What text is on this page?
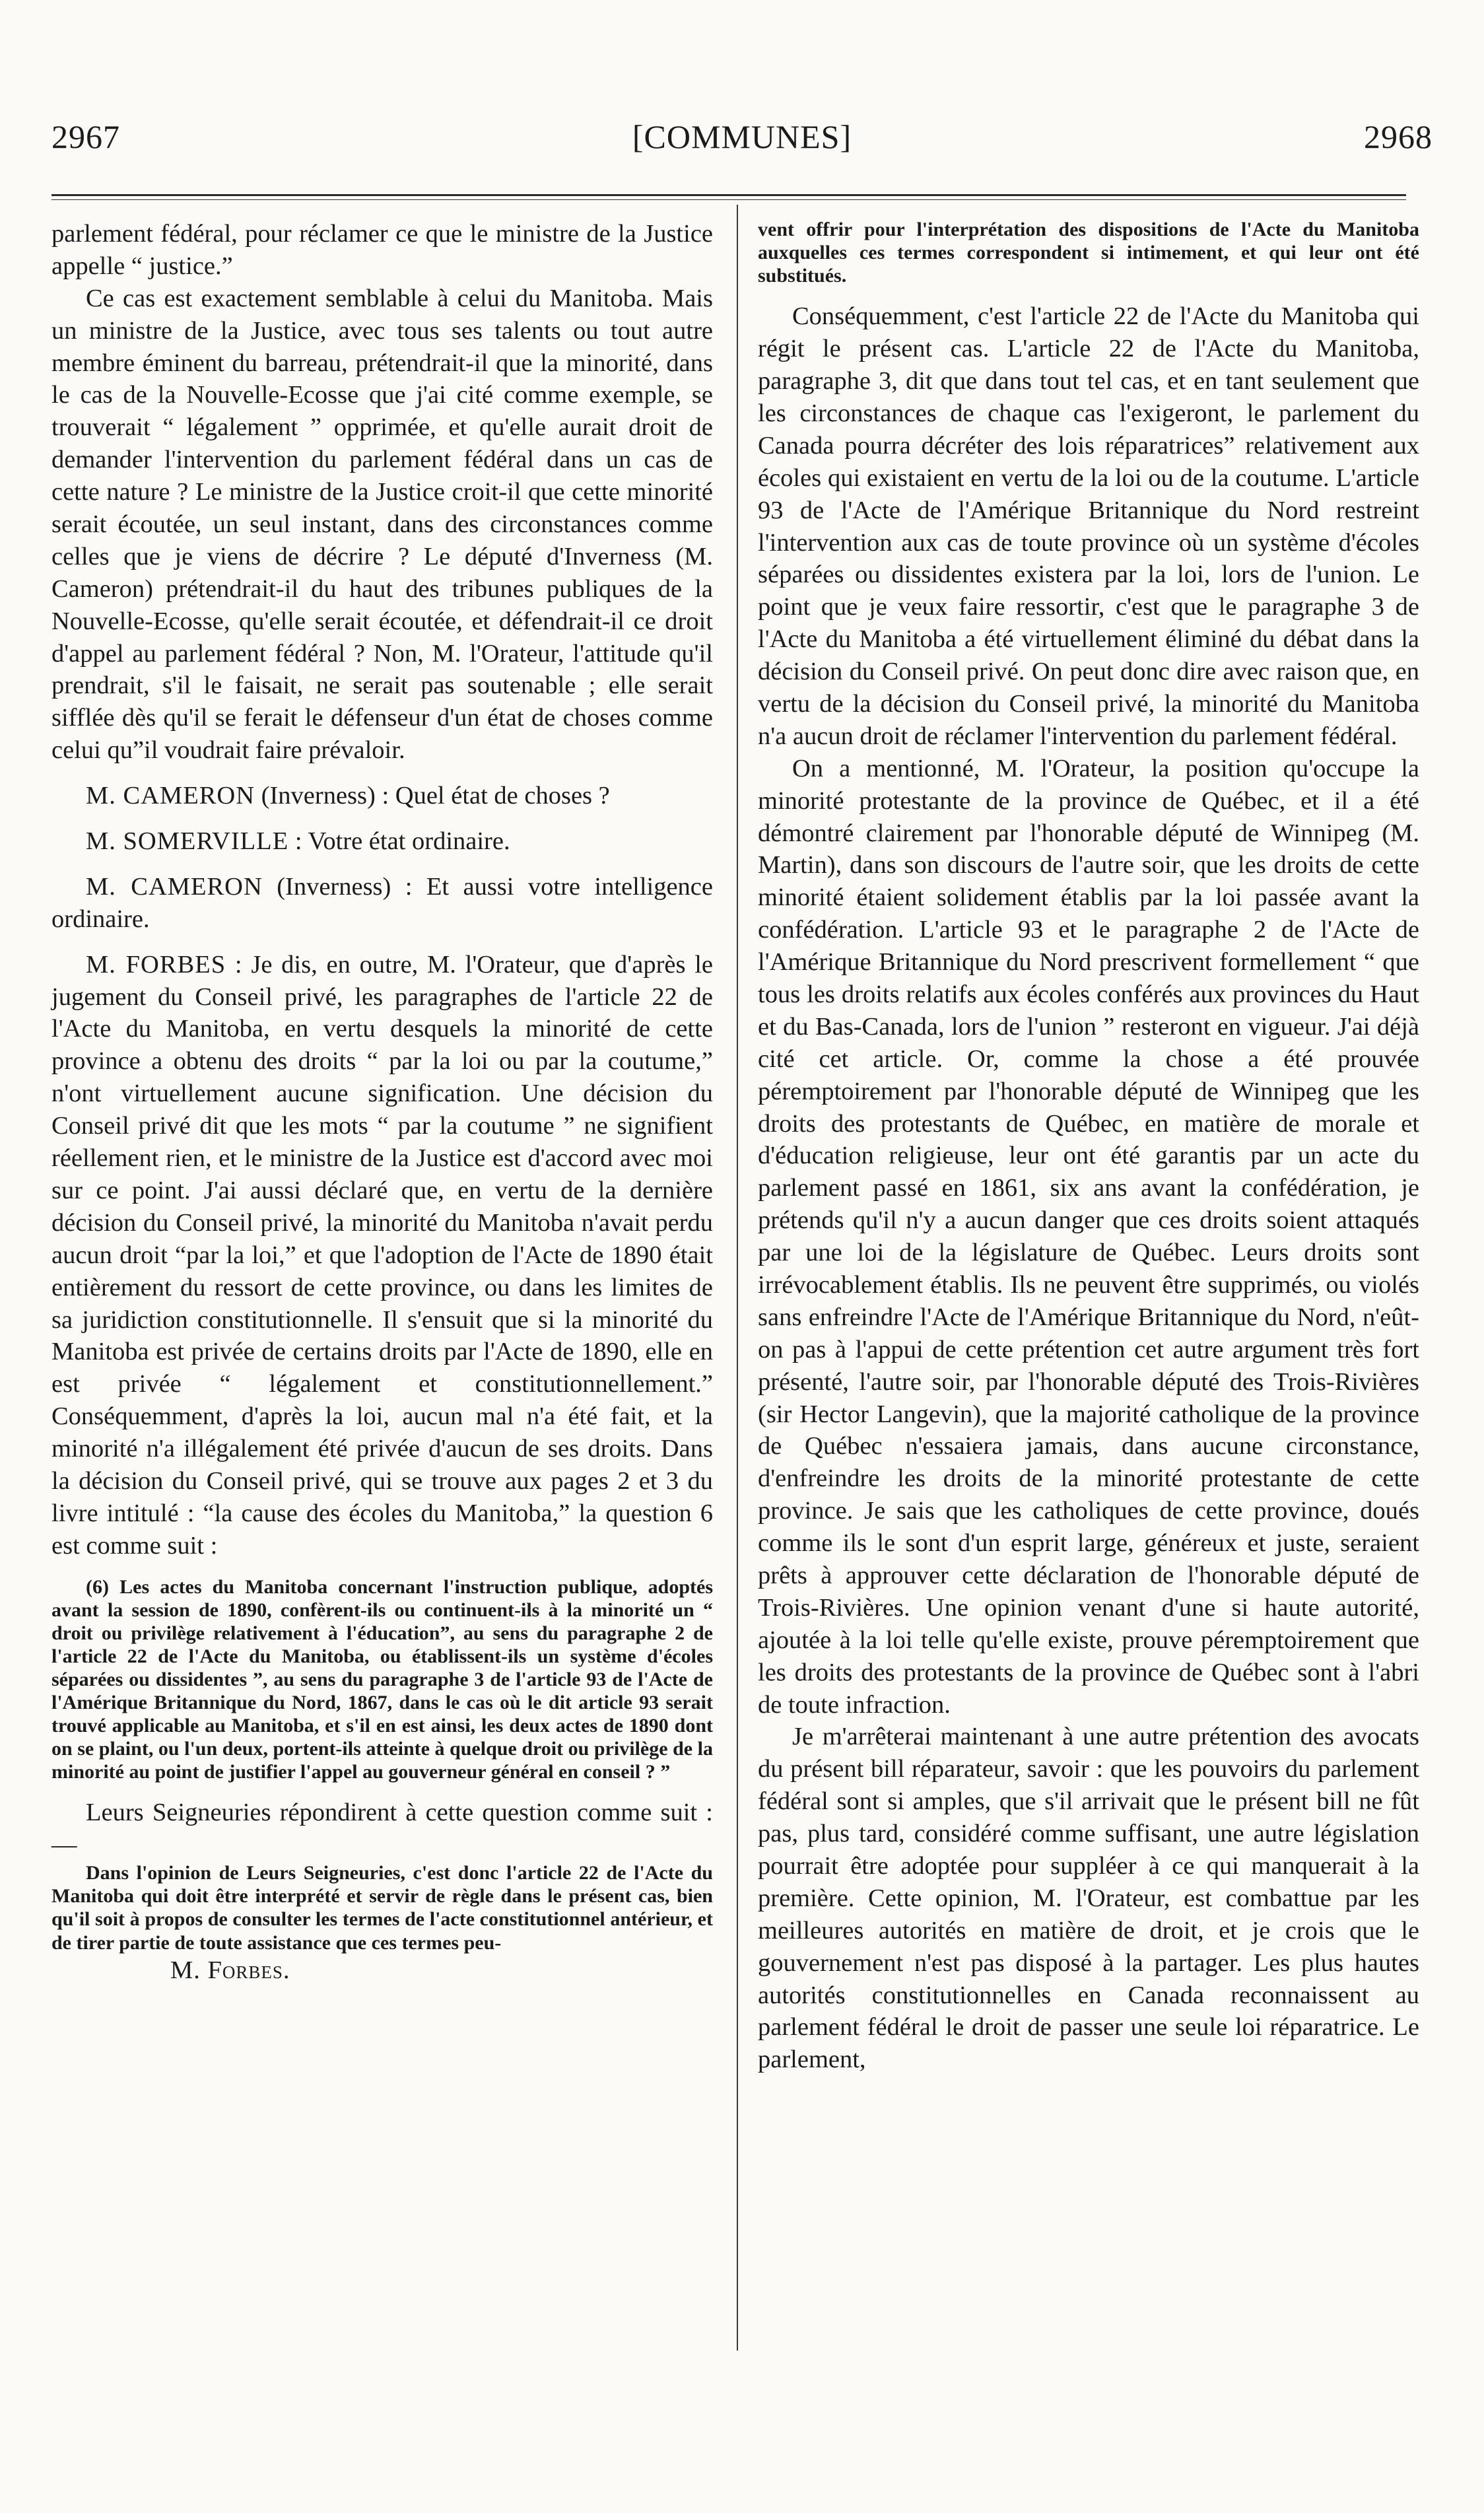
2967	[COMMUNES]	2968

parlement fédéral, pour réclamer ce que le ministre de la Justice appelle “ justice.”

Ce cas est exactement semblable à celui du Manitoba. Mais un ministre de la Justice, avec tous ses talents ou tout autre membre éminent du barreau, prétendrait-il que la minorité, dans le cas de la Nouvelle-Ecosse que j'ai cité comme exemple, se trouverait “ légalement ” opprimée, et qu'elle aurait droit de demander l'intervention du parlement fédéral dans un cas de cette nature ? Le ministre de la Justice croit-il que cette minorité serait écoutée, un seul instant, dans des circonstances comme celles que je viens de décrire ? Le député d'Inverness (M. Cameron) prétendrait-il du haut des tribunes publiques de la Nouvelle-Ecosse, qu'elle serait écoutée, et défendrait-il ce droit d'appel au parlement fédéral ? Non, M. l'Orateur, l'attitude qu'il prendrait, s'il le faisait, ne serait pas soutenable ; elle serait sifflée dès qu'il se ferait le défenseur d'un état de choses comme celui qu”il voudrait faire prévaloir.

M. CAMERON (Inverness) : Quel état de choses ?

M. SOMERVILLE : Votre état ordinaire.

M. CAMERON (Inverness) : Et aussi votre intelligence ordinaire.

M. FORBES : Je dis, en outre, M. l'Orateur, que d'après le jugement du Conseil privé, les paragraphes de l'article 22 de l'Acte du Manitoba, en vertu desquels la minorité de cette province a obtenu des droits “ par la loi ou par la coutume,” n'ont virtuellement aucune signification. Une décision du Conseil privé dit que les mots “ par la coutume ” ne signifient réellement rien, et le ministre de la Justice est d'accord avec moi sur ce point. J'ai aussi déclaré que, en vertu de la dernière décision du Conseil privé, la minorité du Manitoba n'avait perdu aucun droit “par la loi,” et que l'adoption de l'Acte de 1890 était entièrement du ressort de cette province, ou dans les limites de sa juridiction constitutionnelle. Il s'ensuit que si la minorité du Manitoba est privée de certains droits par l'Acte de 1890, elle en est privée “ légalement et constitutionnellement.” Conséquemment, d'après la loi, aucun mal n'a été fait, et la minorité n'a illégalement été privée d'aucun de ses droits. Dans la décision du Conseil privé, qui se trouve aux pages 2 et 3 du livre intitulé : “la cause des écoles du Manitoba,” la question 6 est comme suit :

(6) Les actes du Manitoba concernant l'instruction publique, adoptés avant la session de 1890, confèrent-ils ou continuent-ils à la minorité un “ droit ou privilège relativement à l'éducation”, au sens du paragraphe 2 de l'article 22 de l'Acte du Manitoba, ou établissent-ils un système d'écoles séparées ou dissidentes ”, au sens du paragraphe 3 de l'article 93 de l'Acte de l'Amérique Britannique du Nord, 1867, dans le cas où le dit article 93 serait trouvé applicable au Manitoba, et s'il en est ainsi, les deux actes de 1890 dont on se plaint, ou l'un deux, portent-ils atteinte à quelque droit ou privilège de la minorité au point de justifier l'appel au gouverneur général en conseil ? ”

Leurs Seigneuries répondirent à cette question comme suit :—

Dans l'opinion de Leurs Seigneuries, c'est donc l'article 22 de l'Acte du Manitoba qui doit être interprété et servir de règle dans le présent cas, bien qu'il soit à propos de consulter les termes de l'acte constitutionnel antérieur, et de tirer partie de toute assistance que ces termes peu-

M. Forbes.

vent offrir pour l'interprétation des dispositions de l'Acte du Manitoba auxquelles ces termes correspondent si intimement, et qui leur ont été substitués.

Conséquemment, c'est l'article 22 de l'Acte du Manitoba qui régit le présent cas. L'article 22 de l'Acte du Manitoba, paragraphe 3, dit que dans tout tel cas, et en tant seulement que les circonstances de chaque cas l'exigeront, le parlement du Canada pourra décréter des lois réparatrices” relativement aux écoles qui existaient en vertu de la loi ou de la coutume. L'article 93 de l'Acte de l'Amérique Britannique du Nord restreint l'intervention aux cas de toute province où un système d'écoles séparées ou dissidentes existera par la loi, lors de l'union. Le point que je veux faire ressortir, c'est que le paragraphe 3 de l'Acte du Manitoba a été virtuellement éliminé du débat dans la décision du Conseil privé. On peut donc dire avec raison que, en vertu de la décision du Conseil privé, la minorité du Manitoba n'a aucun droit de réclamer l'intervention du parlement fédéral.

On a mentionné, M. l'Orateur, la position qu'occupe la minorité protestante de la province de Québec, et il a été démontré clairement par l'honorable député de Winnipeg (M. Martin), dans son discours de l'autre soir, que les droits de cette minorité étaient solidement établis par la loi passée avant la confédération. L'article 93 et le paragraphe 2 de l'Acte de l'Amérique Britannique du Nord prescrivent formellement “ que tous les droits relatifs aux écoles conférés aux provinces du Haut et du Bas-Canada, lors de l'union ” resteront en vigueur. J'ai déjà cité cet article. Or, comme la chose a été prouvée péremptoirement par l'honorable député de Winnipeg que les droits des protestants de Québec, en matière de morale et d'éducation religieuse, leur ont été garantis par un acte du parlement passé en 1861, six ans avant la confédération, je prétends qu'il n'y a aucun danger que ces droits soient attaqués par une loi de la législature de Québec. Leurs droits sont irrévocablement établis. Ils ne peuvent être supprimés, ou violés sans enfreindre l'Acte de l'Amérique Britannique du Nord, n'eût-on pas à l'appui de cette prétention cet autre argument très fort présenté, l'autre soir, par l'honorable député des Trois-Rivières (sir Hector Langevin), que la majorité catholique de la province de Québec n'essaiera jamais, dans aucune circonstance, d'enfreindre les droits de la minorité protestante de cette province. Je sais que les catholiques de cette province, doués comme ils le sont d'un esprit large, généreux et juste, seraient prêts à approuver cette déclaration de l'honorable député de Trois-Rivières. Une opinion venant d'une si haute autorité, ajoutée à la loi telle qu'elle existe, prouve péremptoirement que les droits des protestants de la province de Québec sont à l'abri de toute infraction.

Je m'arrêterai maintenant à une autre prétention des avocats du présent bill réparateur, savoir : que les pouvoirs du parlement fédéral sont si amples, que s'il arrivait que le présent bill ne fût pas, plus tard, considéré comme suffisant, une autre législation pourrait être adoptée pour suppléer à ce qui manquerait à la première. Cette opinion, M. l'Orateur, est combattue par les meilleures autorités en matière de droit, et je crois que le gouvernement n'est pas disposé à la partager. Les plus hautes autorités constitutionnelles en Canada reconnaissent au parlement fédéral le droit de passer une seule loi réparatrice. Le parlement,
